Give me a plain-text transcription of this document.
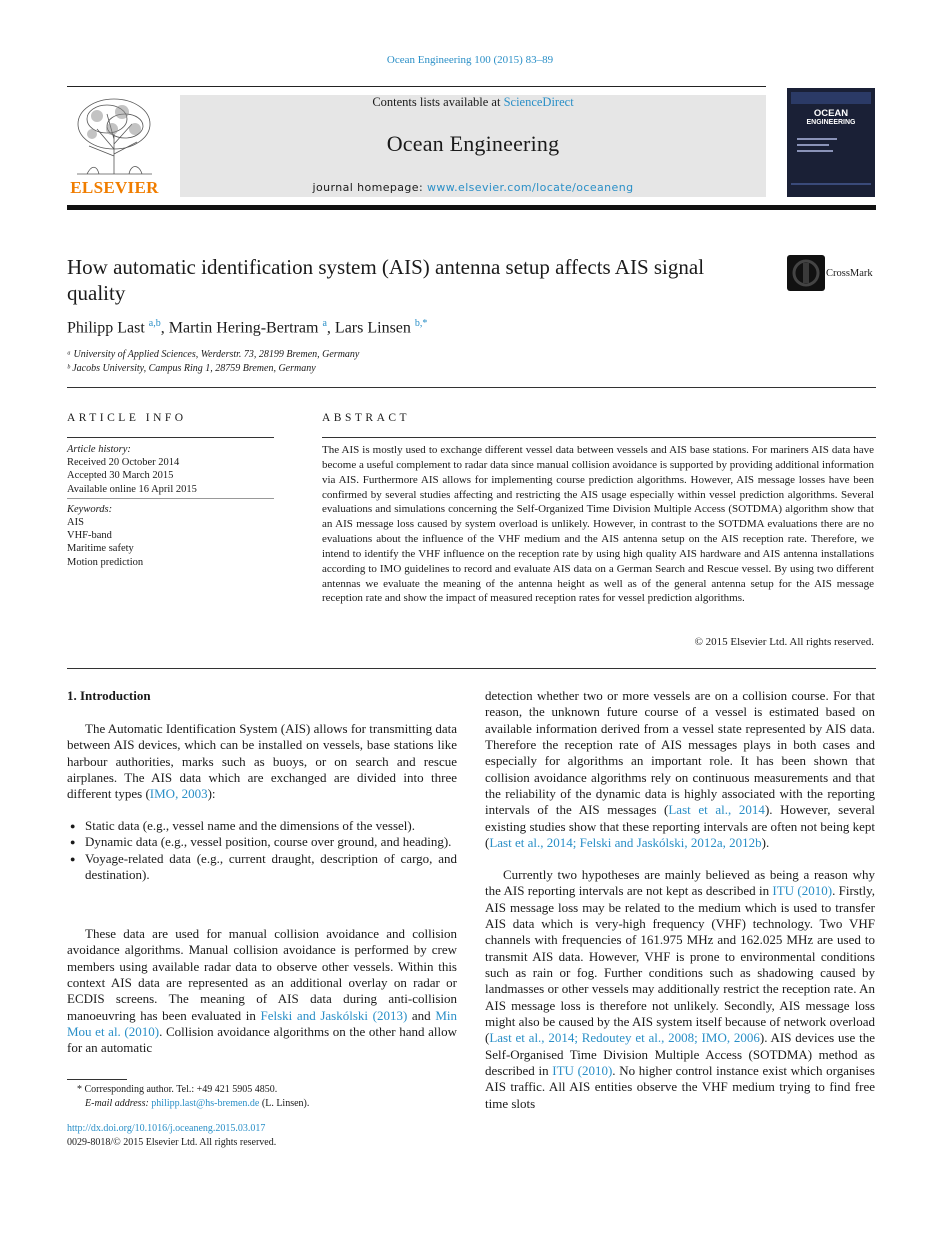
Ocean Engineering 100 (2015) 83–89
ELSEVIER
Contents lists available at ScienceDirect
Ocean Engineering
journal homepage: www.elsevier.com/locate/oceaneng
OCEAN
ENGINEERING
How automatic identification system (AIS) antenna setup affects AIS signal quality
CrossMark
Philipp Last $^{a,b}$, Martin Hering-Bertram $^a$, Lars Linsen $^{b,*}$
ᵃ University of Applied Sciences, Werderstr. 73, 28199 Bremen, Germany
ᵇ Jacobs University, Campus Ring 1, 28759 Bremen, Germany
ARTICLE INFO	ABSTRACT
Article history:
Received 20 October 2014
Accepted 30 March 2015
Available online 16 April 2015
Keywords:
AIS
VHF-band
Maritime safety
Motion prediction
The AIS is mostly used to exchange different vessel data between vessels and AIS base stations. For mariners AIS data have become a useful complement to radar data since manual collision avoidance is supported by providing additional information via AIS. Furthermore AIS allows for implementing course prediction algorithms. However, AIS message losses have been confirmed by several studies affecting and restricting the AIS usage especially within vessel prediction algorithms. Several evaluations and simulations concerning the Self-Organized Time Division Multiple Access (SOTDMA) algorithm show that an AIS message loss caused by system overload is unlikely. However, in contrast to the SOTDMA evaluations there are no evaluations about the influence of the VHF medium and the AIS antenna setup on the AIS reception rate. Therefore, we intend to identify the VHF influence on the reception rate by using high quality AIS hardware and AIS antenna installations according to IMO guidelines to record and evaluate AIS data on a German Search and Rescue vessel. By using two different antennas we evaluate the meaning of the antenna height as well as of the general antenna setup for the AIS message reception rate and show the impact of measured reception rates for vessel prediction algorithms.
© 2015 Elsevier Ltd. All rights reserved.
1. Introduction
The Automatic Identification System (AIS) allows for transmitting data between AIS devices, which can be installed on vessels, base stations like harbour authorities, marks such as buoys, or on search and rescue airplanes. The AIS data which are exchanged are divided into three different types (IMO, 2003):
● Static data (e.g., vessel name and the dimensions of the vessel).
● Dynamic data (e.g., vessel position, course over ground, and heading).
● Voyage-related data (e.g., current draught, description of cargo, and destination).
These data are used for manual collision avoidance and collision avoidance algorithms. Manual collision avoidance is performed by crew members using available radar data to observe other vessels. Within this context AIS data are represented as an additional overlay on radar or ECDIS screens. The meaning of AIS data during anti-collision manoeuvring has been evaluated in Felski and Jaskólski (2013) and Min Mou et al. (2010). Collision avoidance algorithms on the other hand allow for an automatic
* Corresponding author. Tel.: +49 421 5905 4850.
E-mail address: philipp.last@hs-bremen.de (L. Linsen).
http://dx.doi.org/10.1016/j.oceaneng.2015.03.017
0029-8018/© 2015 Elsevier Ltd. All rights reserved.
detection whether two or more vessels are on a collision course. For that reason, the unknown future course of a vessel is estimated based on available information derived from a vessel state represented by AIS data. Therefore the reception rate of AIS messages plays in both cases and especially for algorithms an important role. It has been shown that collision avoidance algorithms rely on continuous measurements and that the reliability of the dynamic data is highly associated with the reporting intervals of the AIS messages (Last et al., 2014). However, several existing studies show that these reporting intervals are often not being kept (Last et al., 2014; Felski and Jaskólski, 2012a, 2012b).
Currently two hypotheses are mainly believed as being a reason why the AIS reporting intervals are not kept as described in ITU (2010). Firstly, AIS message loss may be related to the medium which is used to transfer AIS data which is very-high frequency (VHF) technology. Two VHF channels with frequencies of 161.975 MHz and 162.025 MHz are used to transmit AIS data. However, VHF is prone to environmental conditions such as rain or fog. Further conditions such as shadowing caused by landmasses or other vessels may additionally restrict the reception rate. An AIS message loss is therefore not unlikely. Secondly, AIS message loss might also be caused by the AIS system itself because of network overload (Last et al., 2014; Redoutey et al., 2008; IMO, 2006). AIS devices use the Self-Organised Time Division Multiple Access (SOTDMA) method as described in ITU (2010). No higher control instance exist which organises AIS traffic. All AIS entities observe the VHF medium trying to find free time slots
